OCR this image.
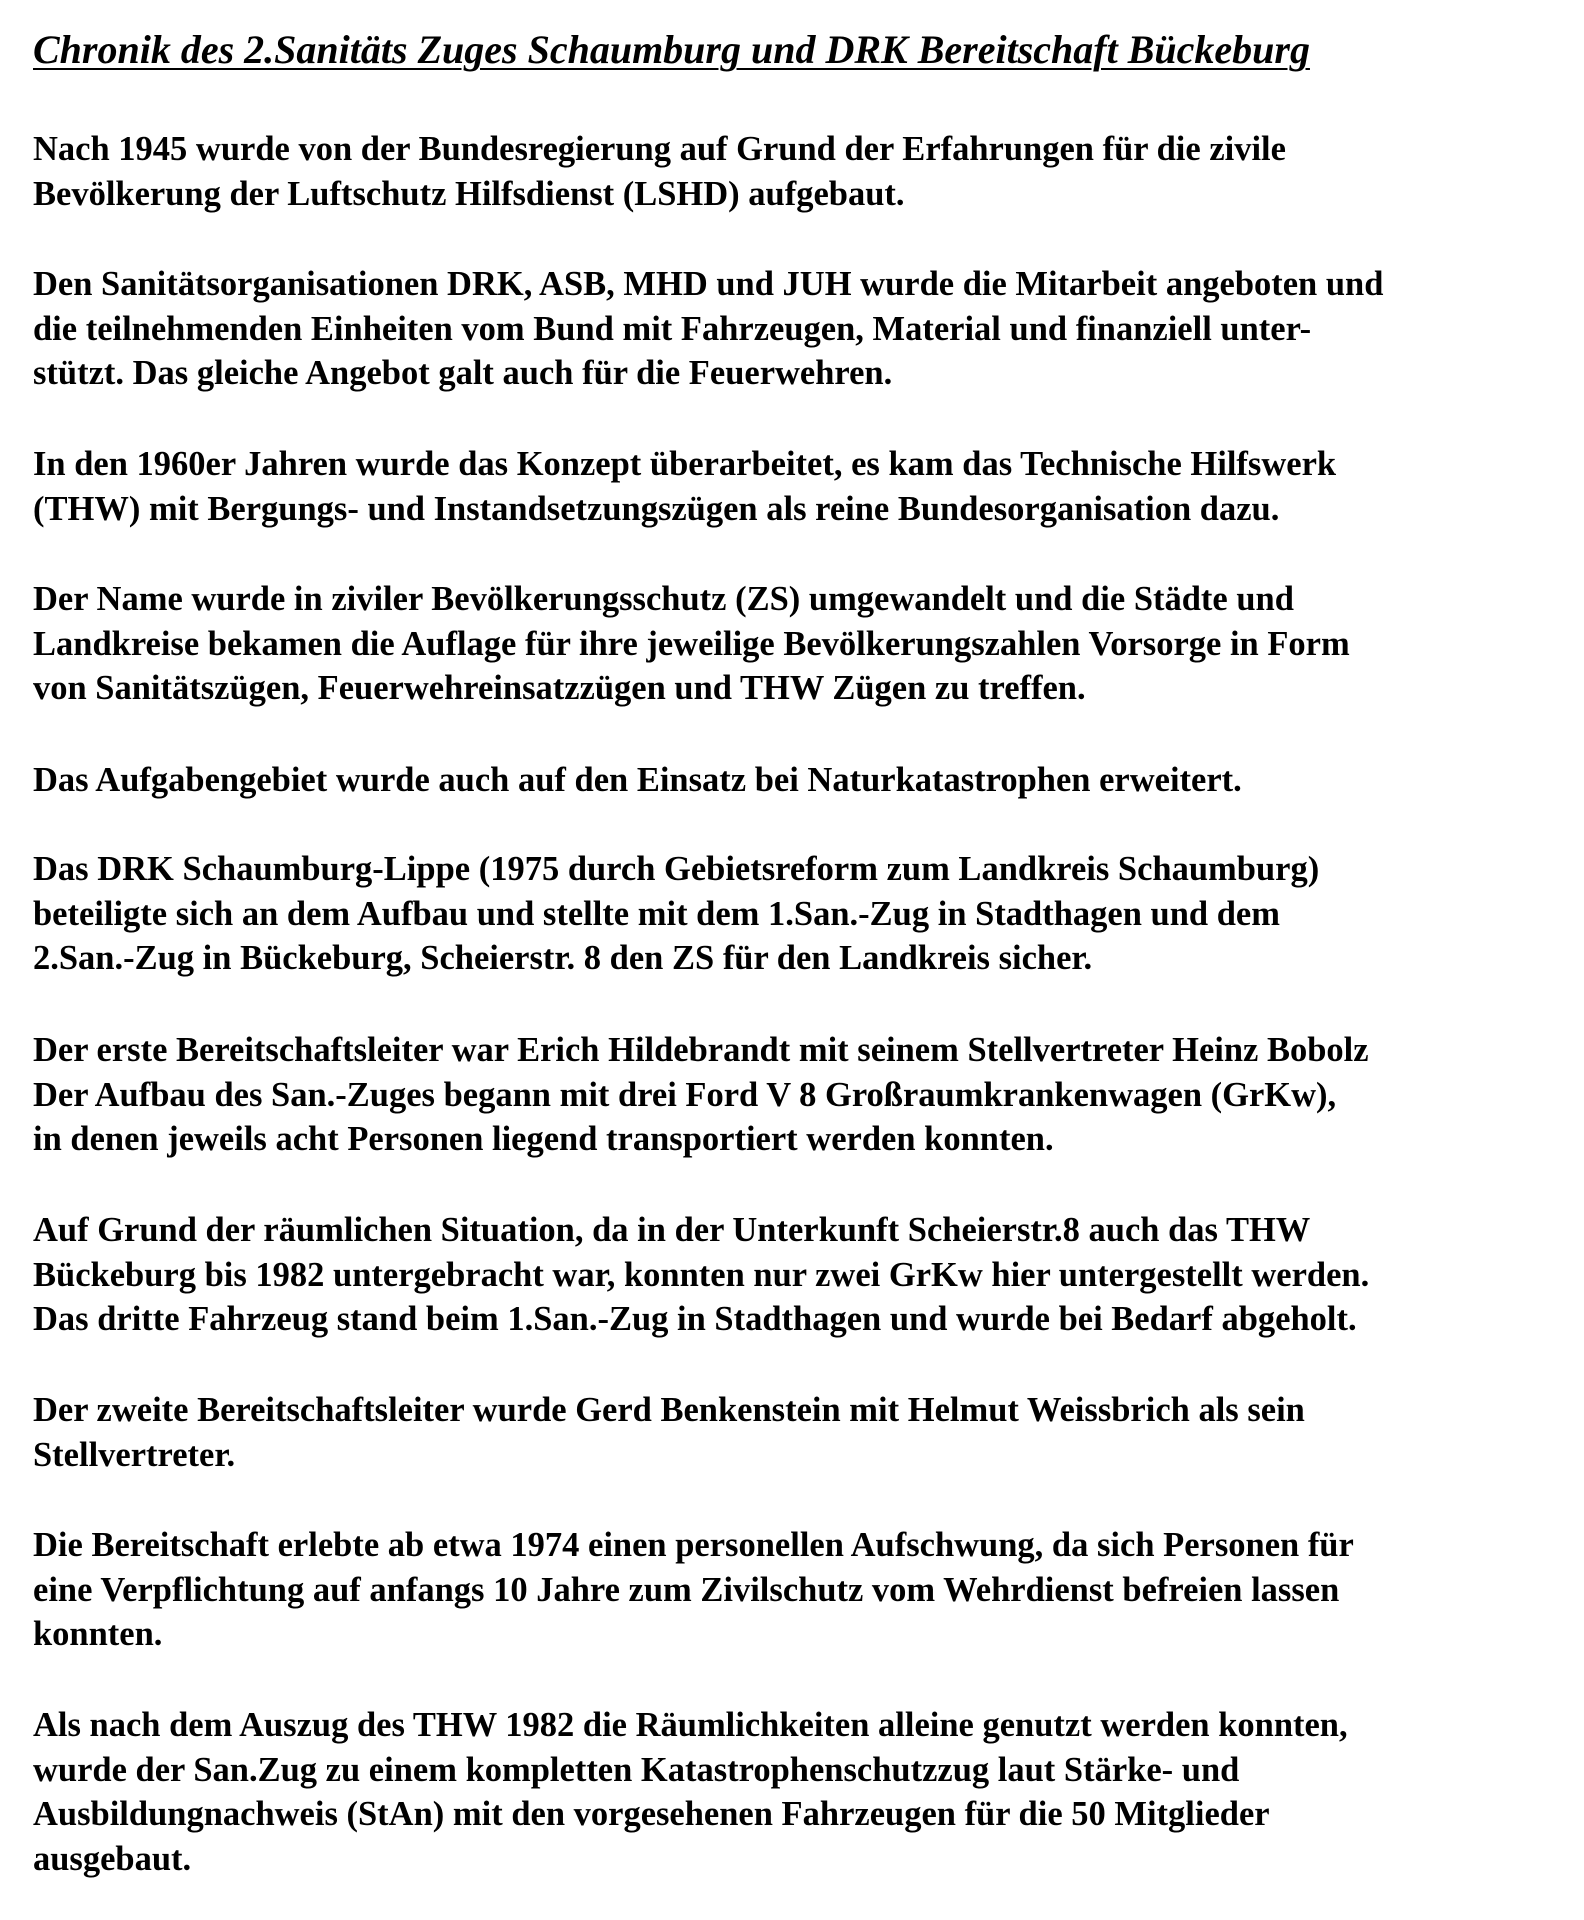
Chronik des 2.Sanitäts Zuges Schaumburg und DRK Bereitschaft Bückeburg

Nach 1945 wurde von der Bundesregierung auf Grund der Erfahrungen für die zivile
Bevölkerung der Luftschutz Hilfsdienst (LSHD) aufgebaut.

Den Sanitätsorganisationen DRK, ASB, MHD und JUH wurde die Mitarbeit angeboten und
die teilnehmenden Einheiten vom Bund mit Fahrzeugen, Material und finanziell unter-
stützt. Das gleiche Angebot galt auch für die Feuerwehren.

In den 1960er Jahren wurde das Konzept überarbeitet, es kam das Technische Hilfswerk
(THW) mit Bergungs- und Instandsetzungszügen als reine Bundesorganisation dazu.

Der Name wurde in ziviler Bevölkerungsschutz (ZS) umgewandelt und die Städte und
Landkreise bekamen die Auflage für ihre jeweilige Bevölkerungszahlen Vorsorge in Form
von Sanitätszügen, Feuerwehreinsatzzügen und THW Zügen zu treffen.

Das Aufgabengebiet wurde auch auf den Einsatz bei Naturkatastrophen erweitert.

Das DRK Schaumburg-Lippe (1975 durch Gebietsreform zum Landkreis Schaumburg)
beteiligte sich an dem Aufbau und stellte mit dem 1.San.-Zug in Stadthagen und dem
2.San.-Zug in Bückeburg, Scheierstr. 8 den ZS für den Landkreis sicher.

Der erste Bereitschaftsleiter war Erich Hildebrandt mit seinem Stellvertreter Heinz Bobolz
Der Aufbau des San.-Zuges begann mit drei Ford V 8 Großraumkrankenwagen (GrKw),
in denen jeweils acht Personen liegend transportiert werden konnten.

Auf Grund der räumlichen Situation, da in der Unterkunft Scheierstr.8 auch das THW
Bückeburg bis 1982 untergebracht war, konnten nur zwei GrKw hier untergestellt werden.
Das dritte Fahrzeug stand beim 1.San.-Zug in Stadthagen und wurde bei Bedarf abgeholt.

Der zweite Bereitschaftsleiter wurde Gerd Benkenstein mit Helmut Weissbrich als sein
Stellvertreter.

Die Bereitschaft erlebte ab etwa 1974 einen personellen Aufschwung, da sich Personen für
eine Verpflichtung auf anfangs 10 Jahre zum Zivilschutz vom Wehrdienst befreien lassen
konnten.

Als nach dem Auszug des THW 1982 die Räumlichkeiten alleine genutzt werden konnten,
wurde der San.Zug zu einem kompletten Katastrophenschutzzug laut Stärke- und
Ausbildungnachweis (StAn) mit den vorgesehenen Fahrzeugen für die 50 Mitglieder
ausgebaut.
